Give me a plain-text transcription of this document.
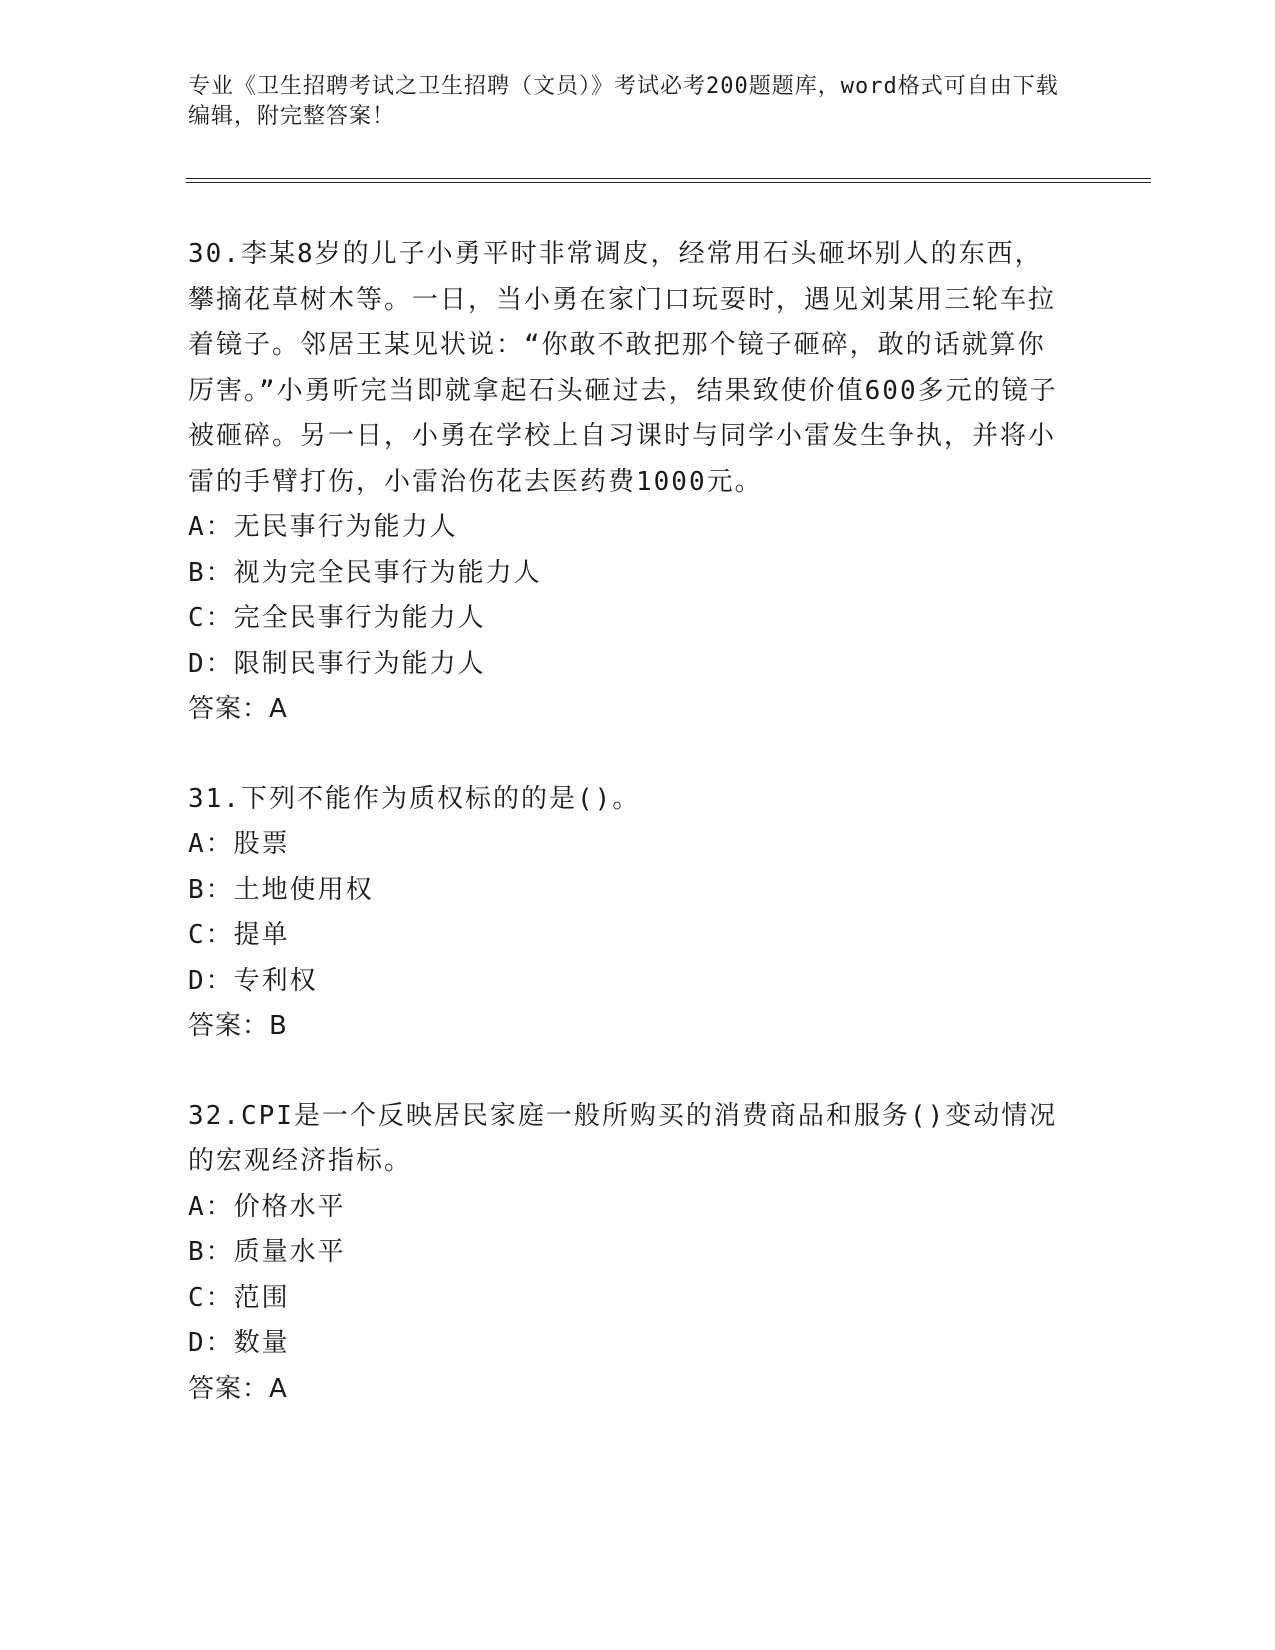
专业《卫生招聘考试之卫生招聘（文员）》考试必考200题题库，word格式可自由下载编辑，附完整答案！
30.李某8岁的儿子小勇平时非常调皮，经常用石头砸坏别人的东西，攀摘花草树木等。一日，当小勇在家门口玩耍时，遇见刘某用三轮车拉着镜子。邻居王某见状说：“你敢不敢把那个镜子砸碎，敢的话就算你厉害。”小勇听完当即就拿起石头砸过去，结果致使价值600多元的镜子被砸碎。另一日，小勇在学校上自习课时与同学小雷发生争执，并将小雷的手臂打伤，小雷治伤花去医药费1000元。
A：无民事行为能力人
B：视为完全民事行为能力人
C：完全民事行为能力人
D：限制民事行为能力人
答案：A
31.下列不能作为质权标的的是()。
A：股票
B：土地使用权
C：提单
D：专利权
答案：B
32.CPI是一个反映居民家庭一般所购买的消费商品和服务()变动情况的宏观经济指标。
A：价格水平
B：质量水平
C：范围
D：数量
答案：A
